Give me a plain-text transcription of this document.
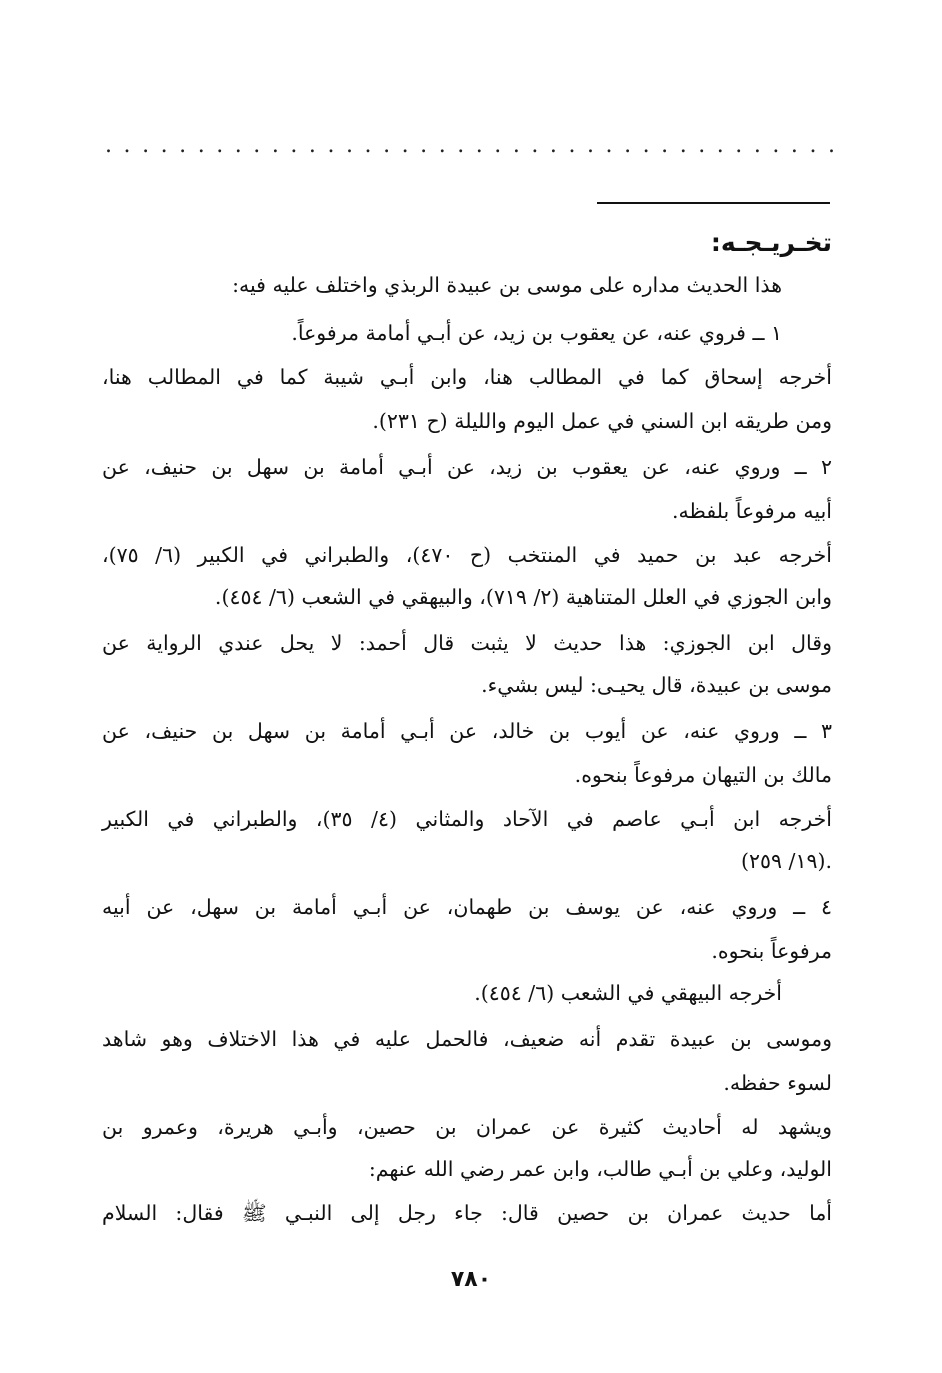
. . . . . . . . . . . . . . . . . . . . . . . . . . . . . . . . . . . . . . . .
تخـريـجـه:
هذا الحديث مداره على موسى بن عبيدة الربذي واختلف عليه فيه:
١ ــ فروي عنه، عن يعقوب بن زيد، عن أبـي أمامة مرفوعاً.
أخرجه إسحاق كما في المطالب هنا، وابن أبـي شيبة كما في المطالب هنا،
ومن طريقه ابن السني في عمل اليوم والليلة (ح ٢٣١).
٢ ــ وروي عنه، عن يعقوب بن زيد، عن أبـي أمامة بن سهل بن حنيف، عن
أبيه مرفوعاً بلفظه.
أخرجه عبد بن حميد في المنتخب (ح ٤٧٠)، والطبراني في الكبير (٦/ ٧٥)،
وابن الجوزي في العلل المتناهية (٢/ ٧١٩)، والبيهقي في الشعب (٦/ ٤٥٤).
وقال ابن الجوزي: هذا حديث لا يثبت قال أحمد: لا يحل عندي الرواية عن
موسى بن عبيدة، قال يحيـى: ليس بشيء.
٣ ــ وروي عنه، عن أيوب بن خالد، عن أبـي أمامة بن سهل بن حنيف، عن
مالك بن التيهان مرفوعاً بنحوه.
أخرجه ابن أبـي عاصم في الآحاد والمثاني (٤/ ٣٥)، والطبراني في الكبير
(١٩/ ٢٥٩).
٤ ــ وروي عنه، عن يوسف بن طهمان، عن أبـي أمامة بن سهل، عن أبيه
مرفوعاً بنحوه.
أخرجه البيهقي في الشعب (٦/ ٤٥٤).
وموسى بن عبيدة تقدم أنه ضعيف، فالحمل عليه في هذا الاختلاف وهو شاهد
لسوء حفظه.
ويشهد له أحاديث كثيرة عن عمران بن حصين، وأبـي هريرة، وعمرو بن
الوليد، وعلي بن أبـي طالب، وابن عمر رضي الله عنهم:
أما حديث عمران بن حصين قال: جاء رجل إلى النبـي ﷺ فقال: السلام
٧٨٠
